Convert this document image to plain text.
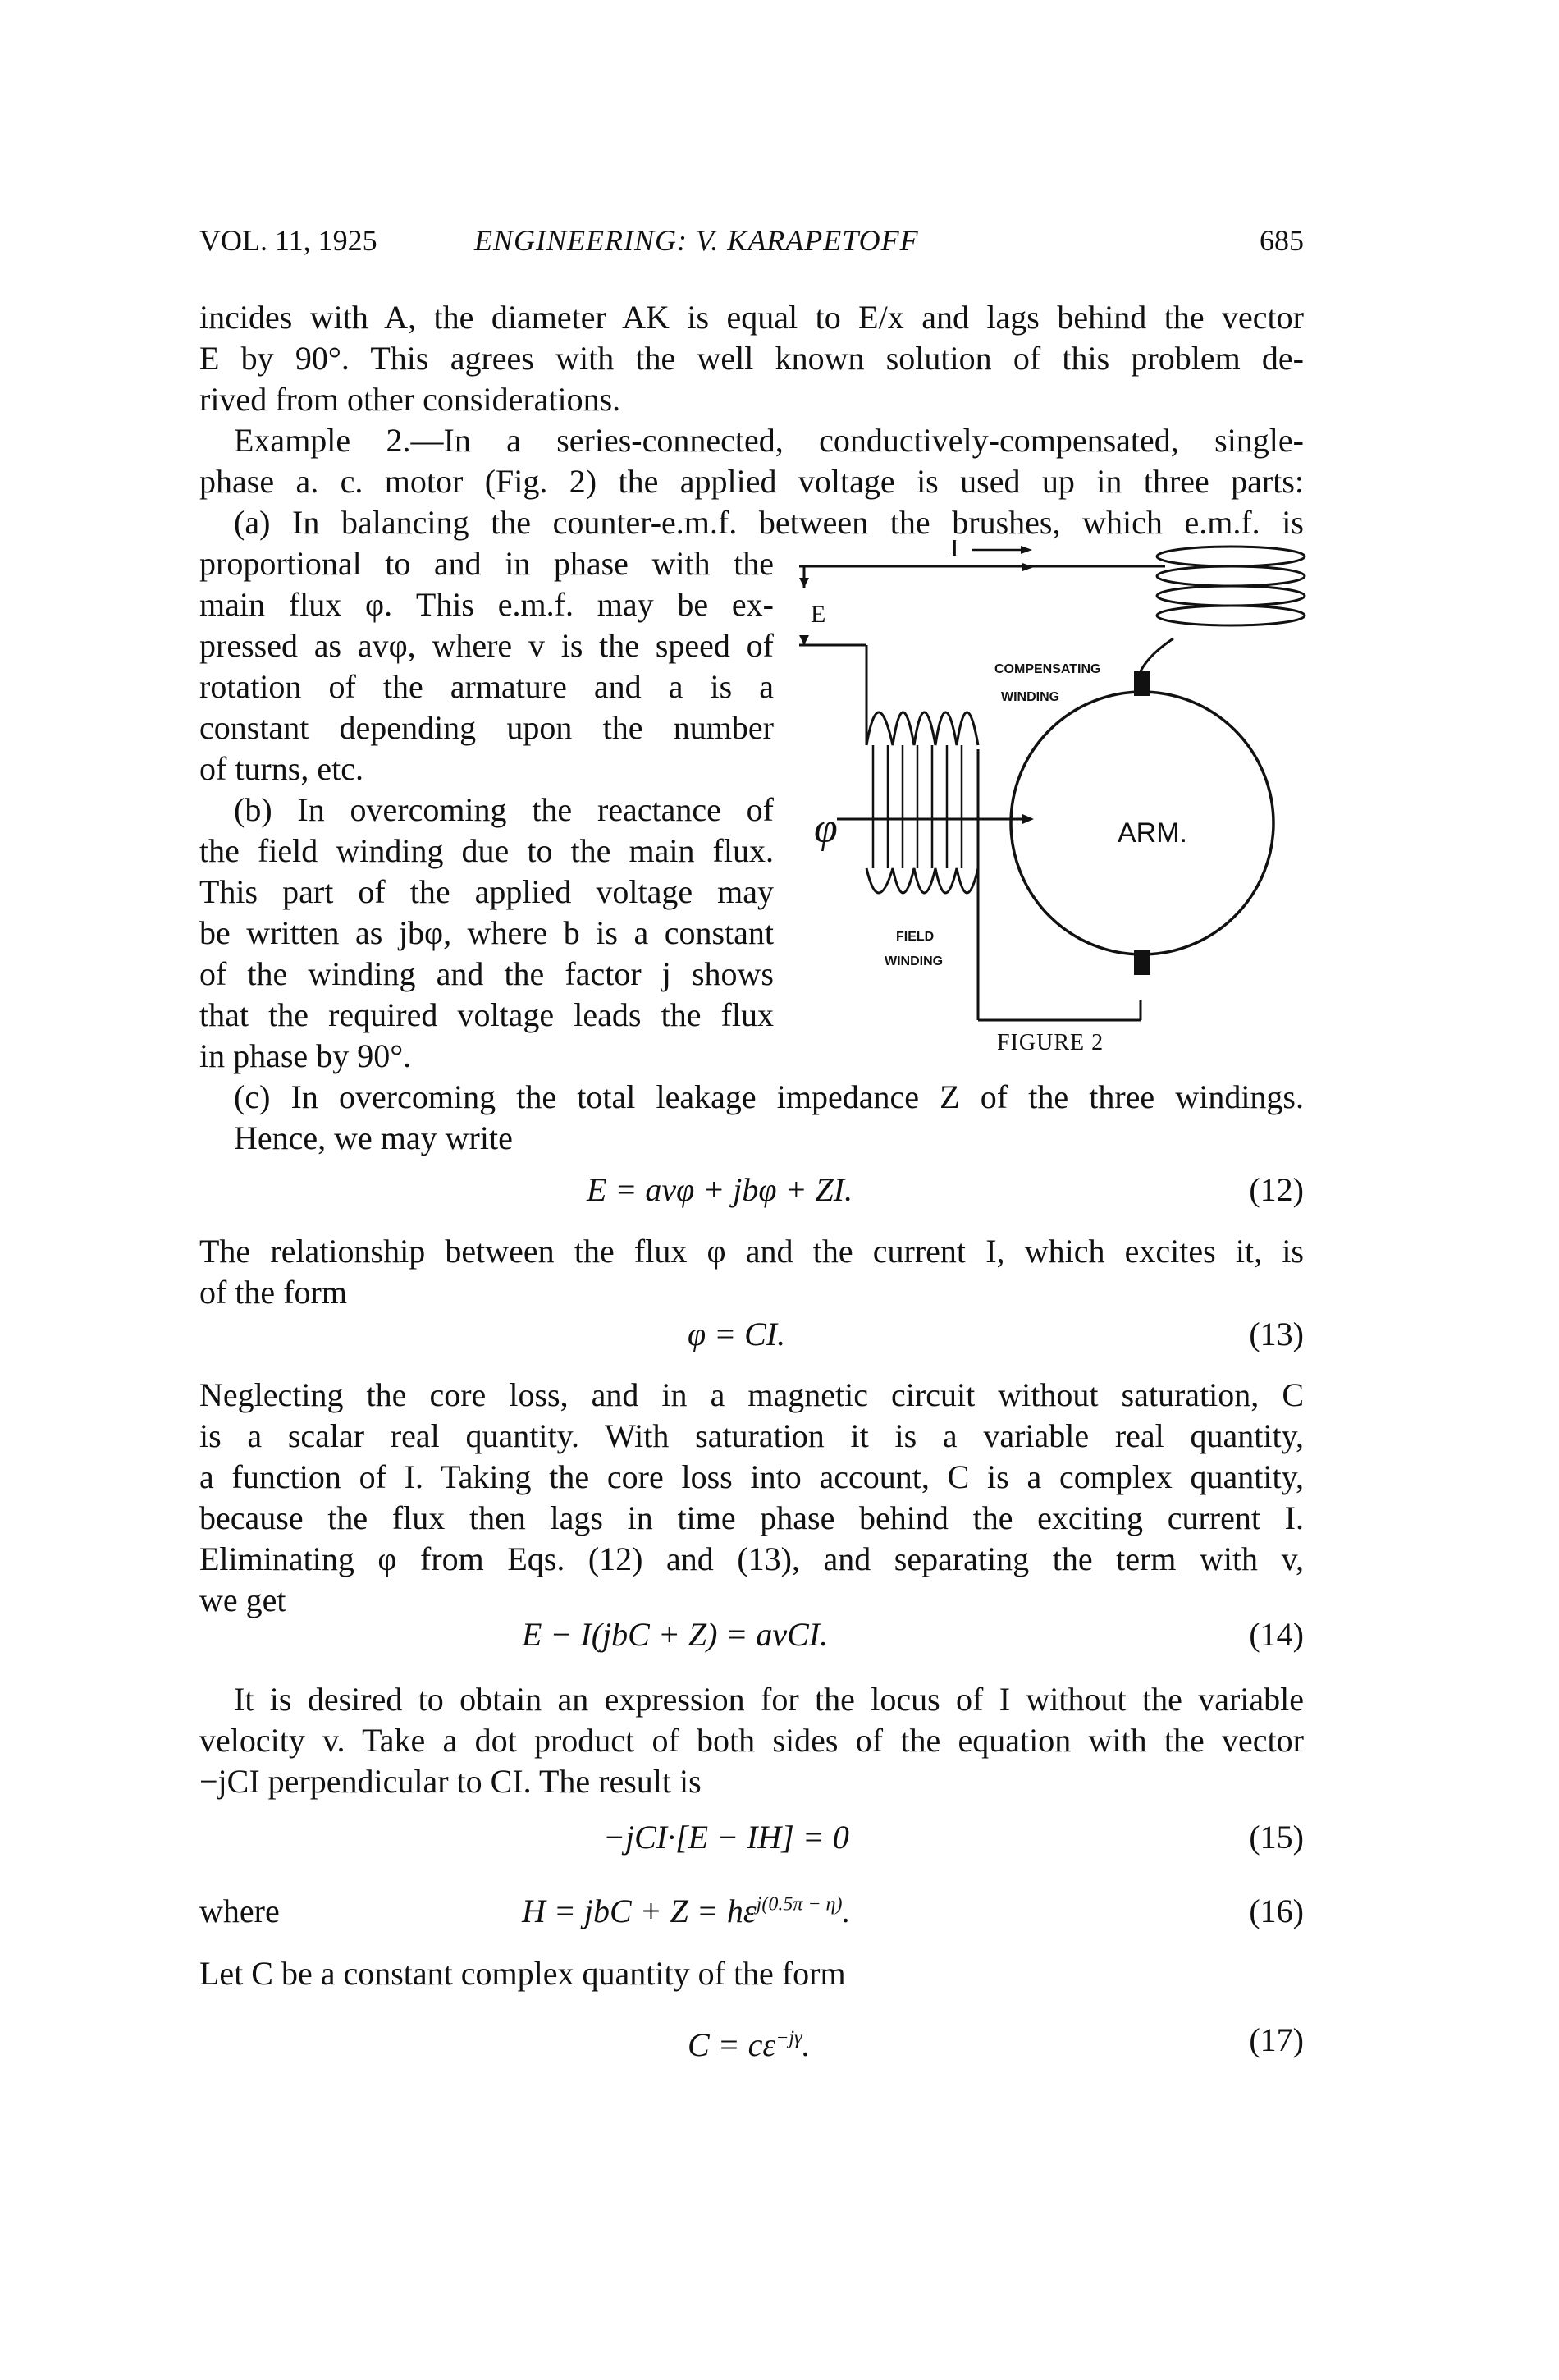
VOL. 11, 1925	ENGINEERING: V. KARAPETOFF	685
incides with A, the diameter AK is equal to E/x and lags behind the vector
E by 90°. This agrees with the well known solution of this problem de-
rived from other considerations.
Example 2.—In a series-connected, conductively-compensated, single-
phase a. c. motor (Fig. 2) the applied voltage is used up in three parts:
(a) In balancing the counter-e.m.f. between the brushes, which e.m.f. is
proportional to and in phase with the
main flux φ. This e.m.f. may be ex-
pressed as avφ, where v is the speed of
rotation of the armature and a is a
constant depending upon the number
of turns, etc.
(b) In overcoming the reactance of
the field winding due to the main flux.
This part of the applied voltage may
be written as jbφ, where b is a constant
of the winding and the factor j shows
that the required voltage leads the flux
in phase by 90°.
I
E
COMPENSATING
WINDING
ARM.
φ
FIELD
WINDING
FIGURE 2
(c) In overcoming the total leakage impedance Z of the three windings.
Hence, we may write
E = avφ + jbφ + ZI.	(12)
The relationship between the flux φ and the current I, which excites it, is
of the form
φ = CI.	(13)
Neglecting the core loss, and in a magnetic circuit without saturation, C
is a scalar real quantity. With saturation it is a variable real quantity,
a function of I. Taking the core loss into account, C is a complex quantity,
because the flux then lags in time phase behind the exciting current I.
Eliminating φ from Eqs. (12) and (13), and separating the term with v,
we get
E − I(jbC + Z) = avCI.	(14)
It is desired to obtain an expression for the locus of I without the variable
velocity v. Take a dot product of both sides of the equation with the vector
−jCI perpendicular to CI. The result is
−jCI·[E − IH] = 0	(15)
where	H = jbC + $Z = h\varepsilon^{j(0.5\pi - \eta)}$.	(16)
Let C be a constant complex quantity of the form
$C = c\varepsilon^{-j\gamma}$.	(17)
